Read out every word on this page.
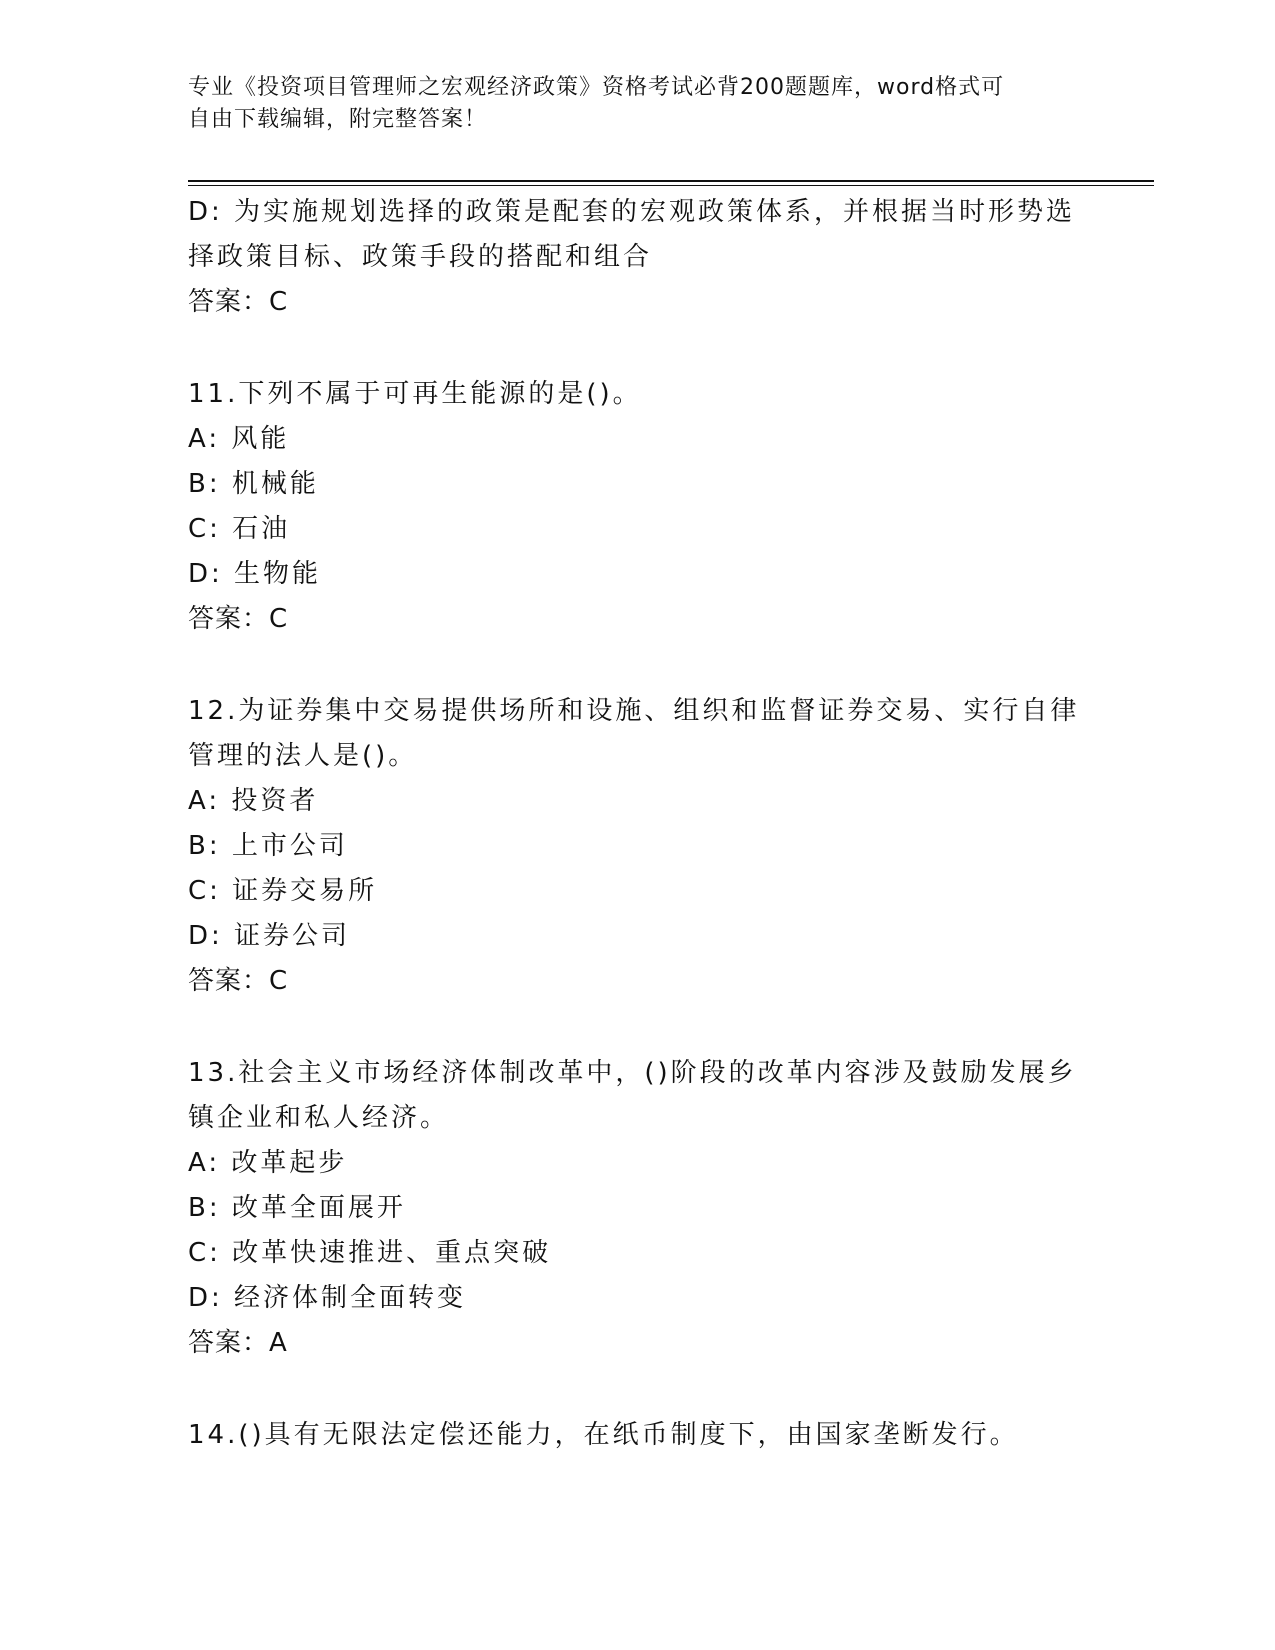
专业《投资项目管理师之宏观经济政策》资格考试必背200题题库，word格式可
自由下载编辑，附完整答案！
D: 为实施规划选择的政策是配套的宏观政策体系，并根据当时形势选
择政策目标、政策手段的搭配和组合
答案：C
11.下列不属于可再生能源的是()。
A: 风能
B: 机械能
C: 石油
D: 生物能
答案：C
12.为证券集中交易提供场所和设施、组织和监督证券交易、实行自律
管理的法人是()。
A: 投资者
B: 上市公司
C: 证券交易所
D: 证券公司
答案：C
13.社会主义市场经济体制改革中，()阶段的改革内容涉及鼓励发展乡
镇企业和私人经济。
A: 改革起步
B: 改革全面展开
C: 改革快速推进、重点突破
D: 经济体制全面转变
答案：A
14.()具有无限法定偿还能力，在纸币制度下，由国家垄断发行。
